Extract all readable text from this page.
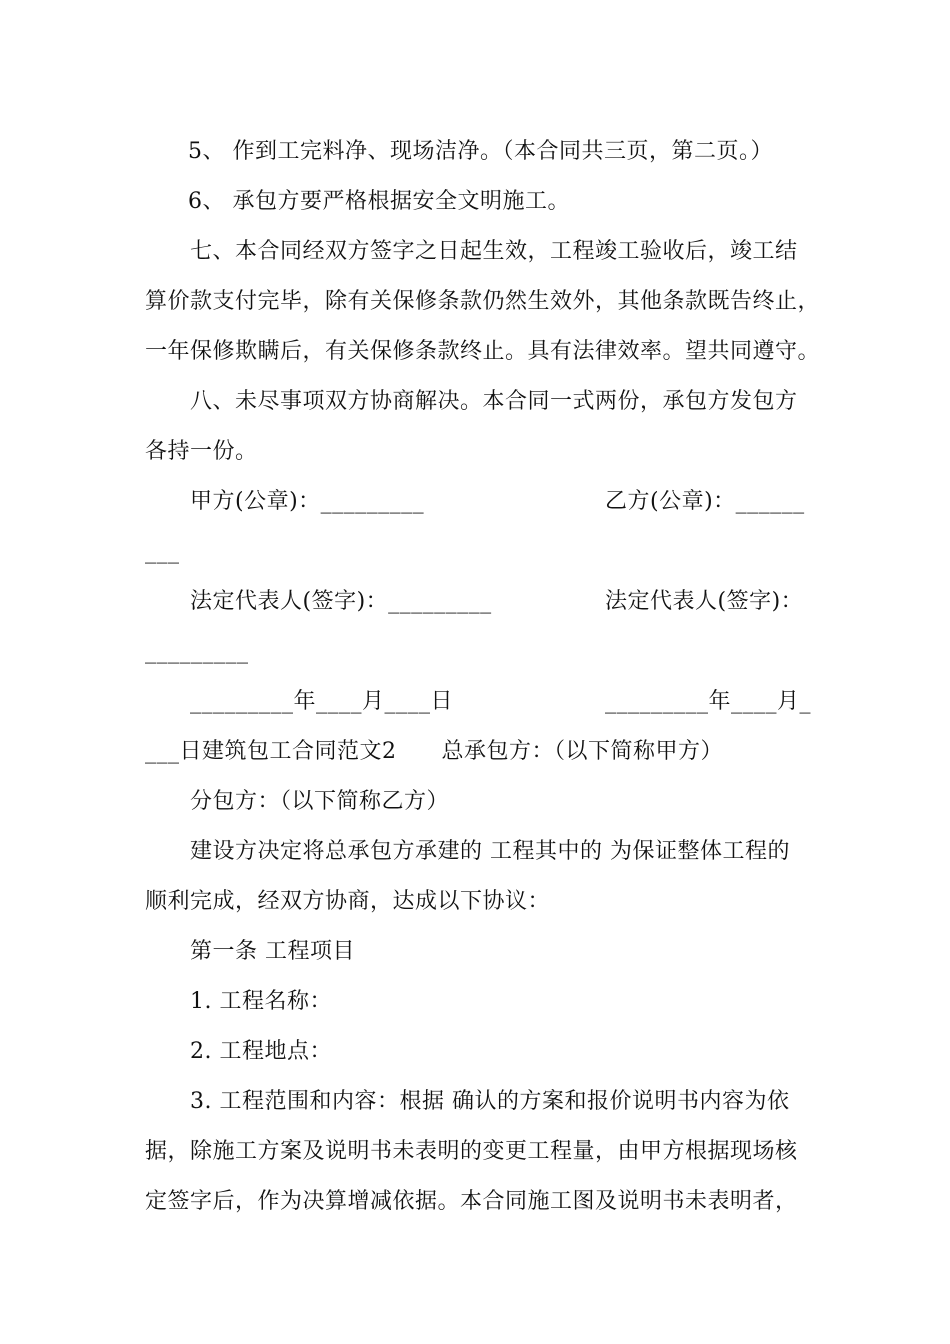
5、 作到工完料净、现场洁净。（本合同共三页，第二页。）
6、 承包方要严格根据安全文明施工。
七、本合同经双方签字之日起生效，工程竣工验收后，竣工结
算价款支付完毕，除有关保修条款仍然生效外，其他条款既告终止，
一年保修欺瞒后，有关保修条款终止。具有法律效率。望共同遵守。
八、未尽事项双方协商解决。本合同一式两份，承包方发包方
各持一份。
甲方(公章)：_________	乙方(公章)：______
___
法定代表人(签字)：_________	法定代表人(签字)：
_________
_________年____月____日	_________年____月_
___日建筑包工合同范文2　　总承包方：（以下简称甲方）
分包方：（以下简称乙方）
建设方决定将总承包方承建的 工程其中的 为保证整体工程的
顺利完成，经双方协商，达成以下协议：
第一条 工程项目
1. 工程名称：
2. 工程地点：
3. 工程范围和内容：根据 确认的方案和报价说明书内容为依
据，除施工方案及说明书未表明的变更工程量，由甲方根据现场核
定签字后，作为决算增减依据。本合同施工图及说明书未表明者，
